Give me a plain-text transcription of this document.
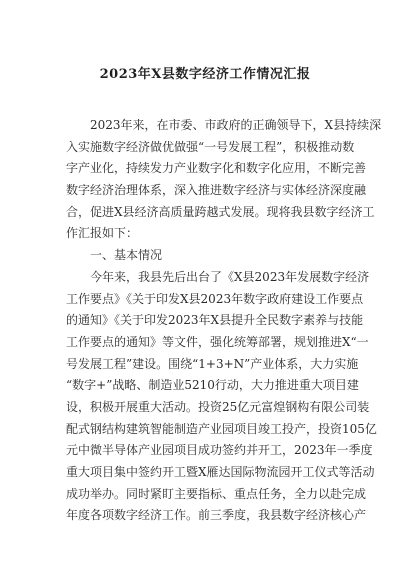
2023年X县数字经济工作情况汇报
　　2023年来，在市委、市政府的正确领导下，X县持续深
入实施数字经济做优做强“一号发展工程”，积极推动数
字产业化，持续发力产业数字化和数字化应用，不断完善
数字经济治理体系，深入推进数字经济与实体经济深度融
合，促进X县经济高质量跨越式发展。现将我县数字经济工
作汇报如下：
　　一、基本情况
　　今年来，我县先后出台了《X县2023年发展数字经济
工作要点》《关于印发X县2023年数字政府建设工作要点
的通知》《关于印发2023年X县提升全民数字素养与技能
工作要点的通知》等文件，强化统筹部署，规划推进X“一
号发展工程”建设。围绕“1+3+N”产业体系，大力实施
“数字+”战略、制造业5210行动，大力推进重大项目建
设，积极开展重大活动。投资25亿元富煌钢构有限公司装
配式钢结构建筑智能制造产业园项目竣工投产，投资105亿
元中微半导体产业园项目成功签约并开工，2023年一季度
重大项目集中签约开工暨X雁达国际物流园开工仪式等活动
成功举办。同时紧盯主要指标、重点任务，全力以赴完成
年度各项数字经济工作。前三季度，我县数字经济核心产
